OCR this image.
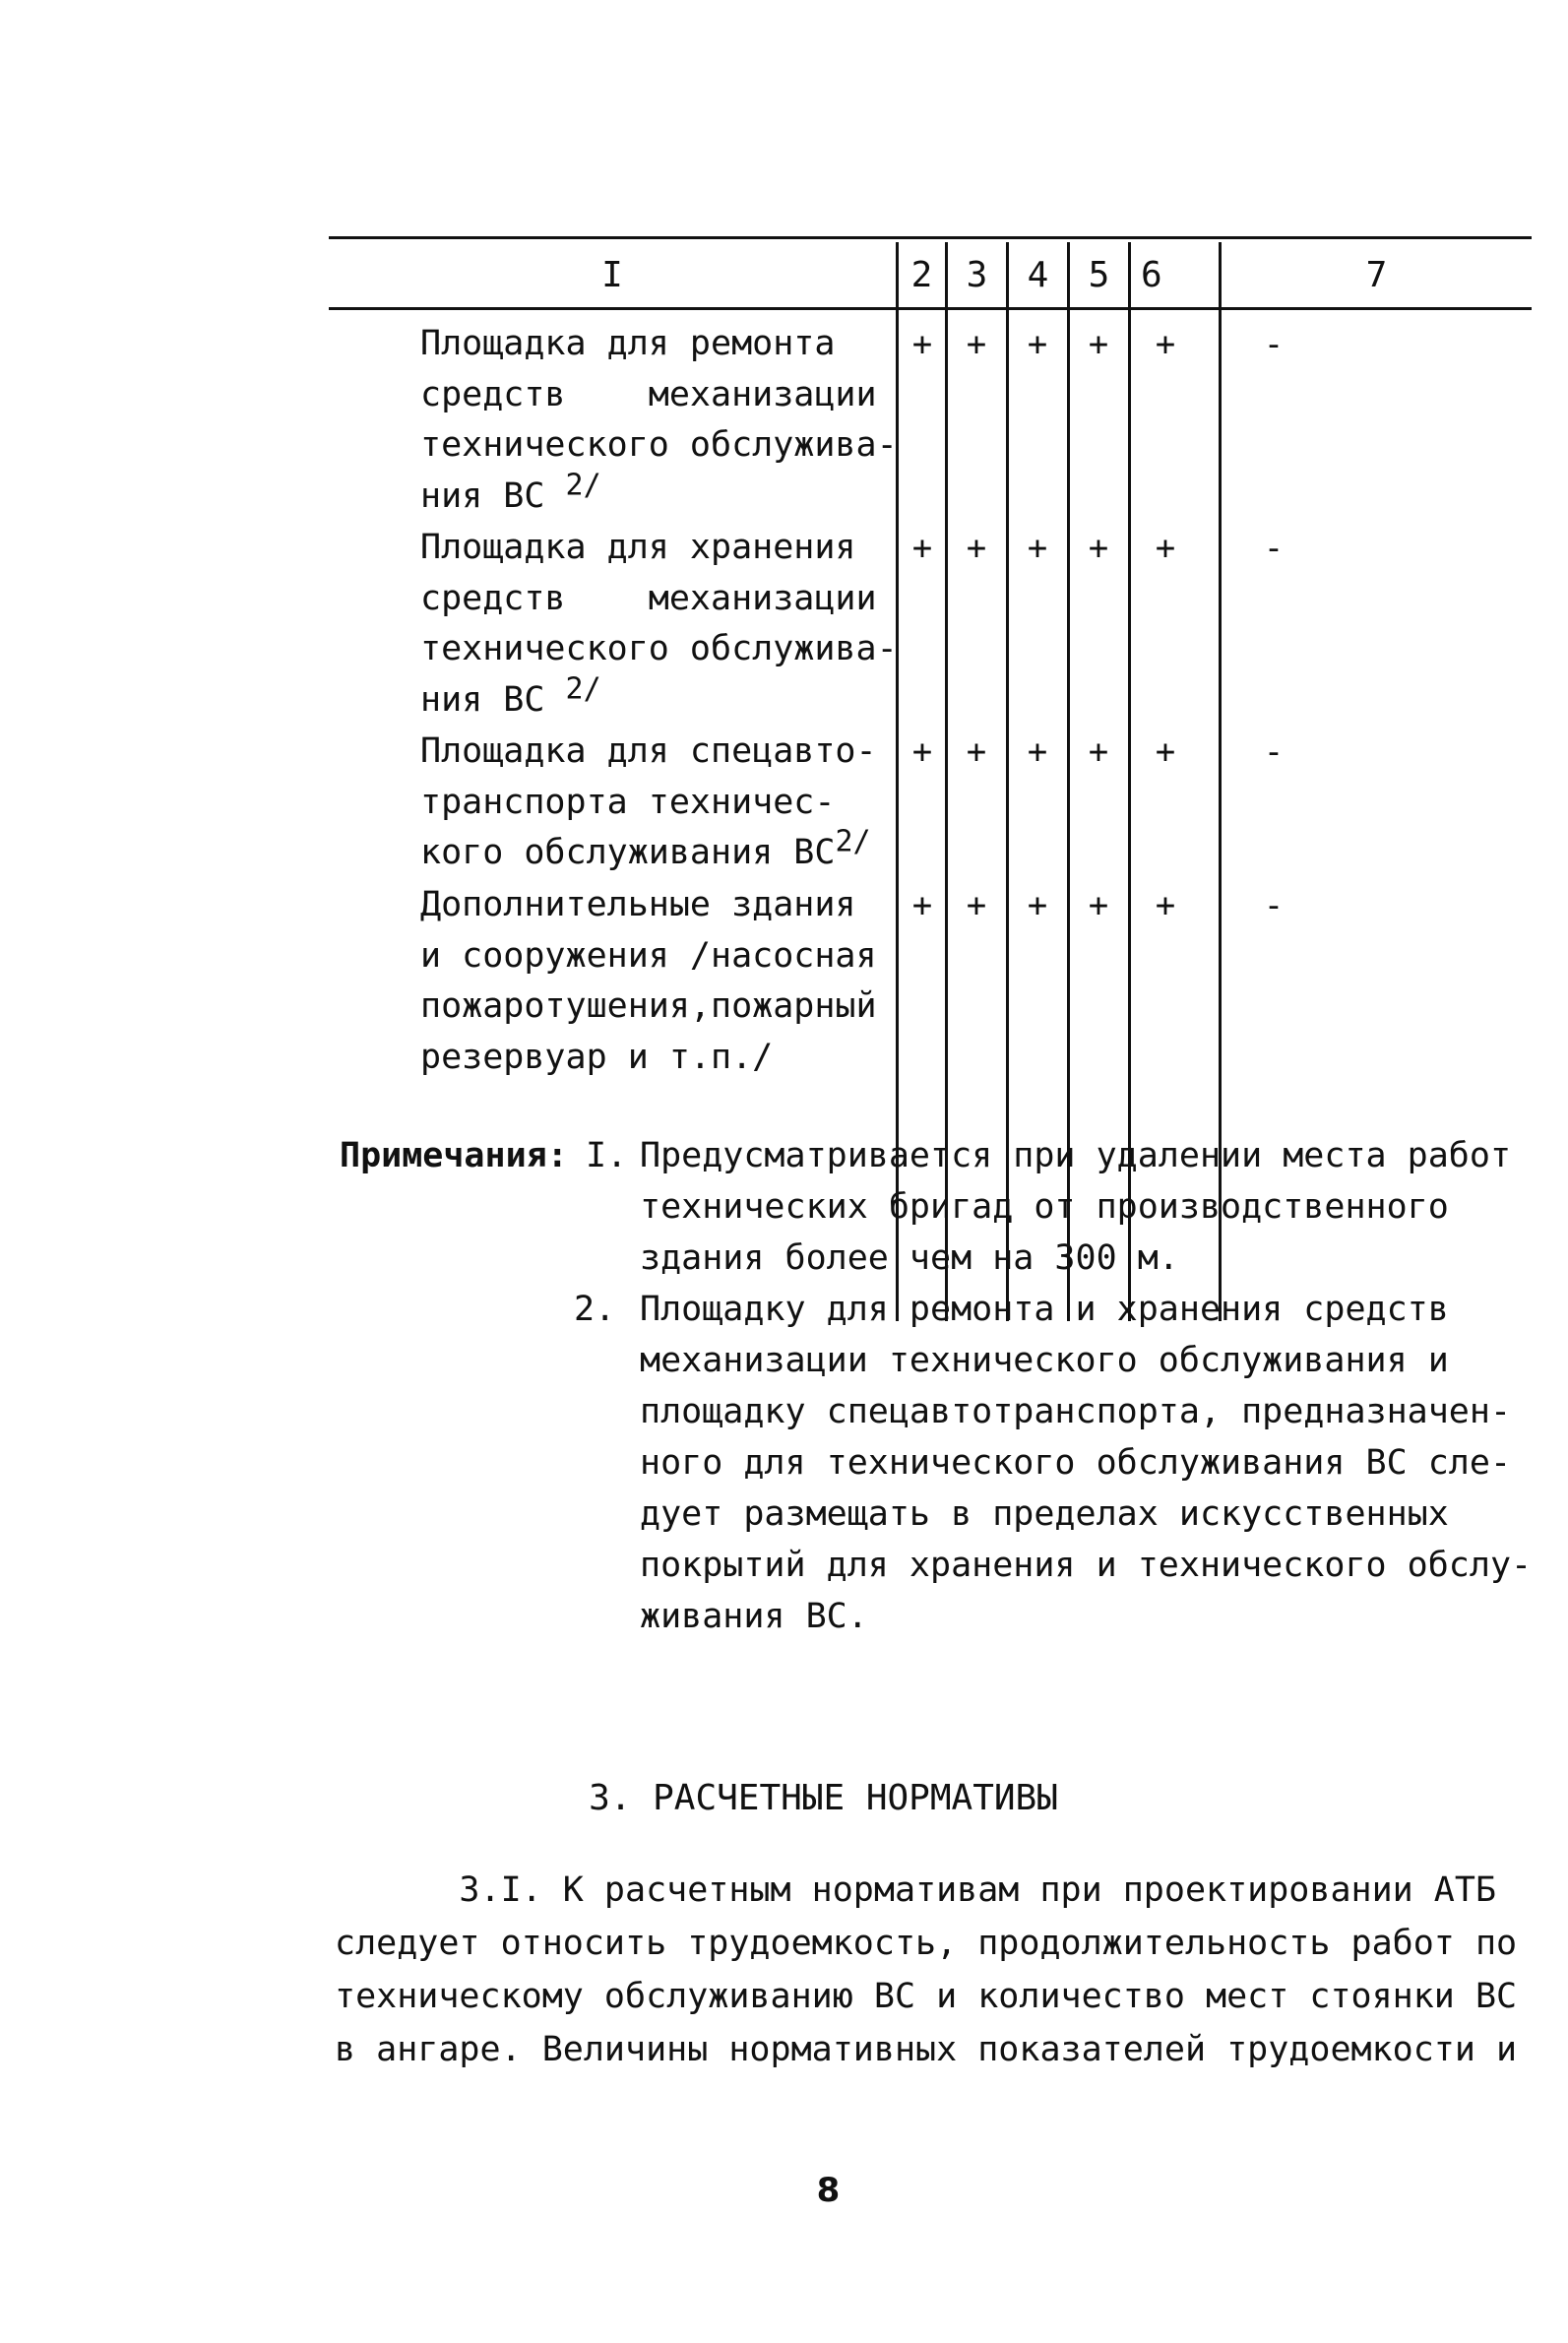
I	2 3	4	5 6	7
Площадка для ремонта
средств    механизации
технического обслужива-
ния ВС 2/
+ + + + +	-
Площадка для хранения
средств    механизации
технического обслужива-
ния ВС 2/
+ + + + +	-
Площадка для спецавто-
транспорта техничес-
кого обслуживания ВС2/
+ + + + +	-
Дополнительные здания
и сооружения /насосная
пожаротушения,пожарный
резервуар и т.п./
+ + + + +	-
Примечания: I. Предусматривается при удалении места работ
технических бригад от производственного
здания более чем на 300 м.
2. Площадку для ремонта и хранения средств
механизации технического обслуживания и
площадку спецавтотранспорта, предназначен-
ного для технического обслуживания ВС сле-
дует размещать в пределах искусственных
покрытий для хранения и технического обслу-
живания ВС.
3. РАСЧЕТНЫЕ НОРМАТИВЫ
3.I. К расчетным нормативам при проектировании АТБ
следует относить трудоемкость, продолжительность работ по
техническому обслуживанию ВС и количество мест стоянки ВС
в ангаре. Величины нормативных показателей трудоемкости и
8
